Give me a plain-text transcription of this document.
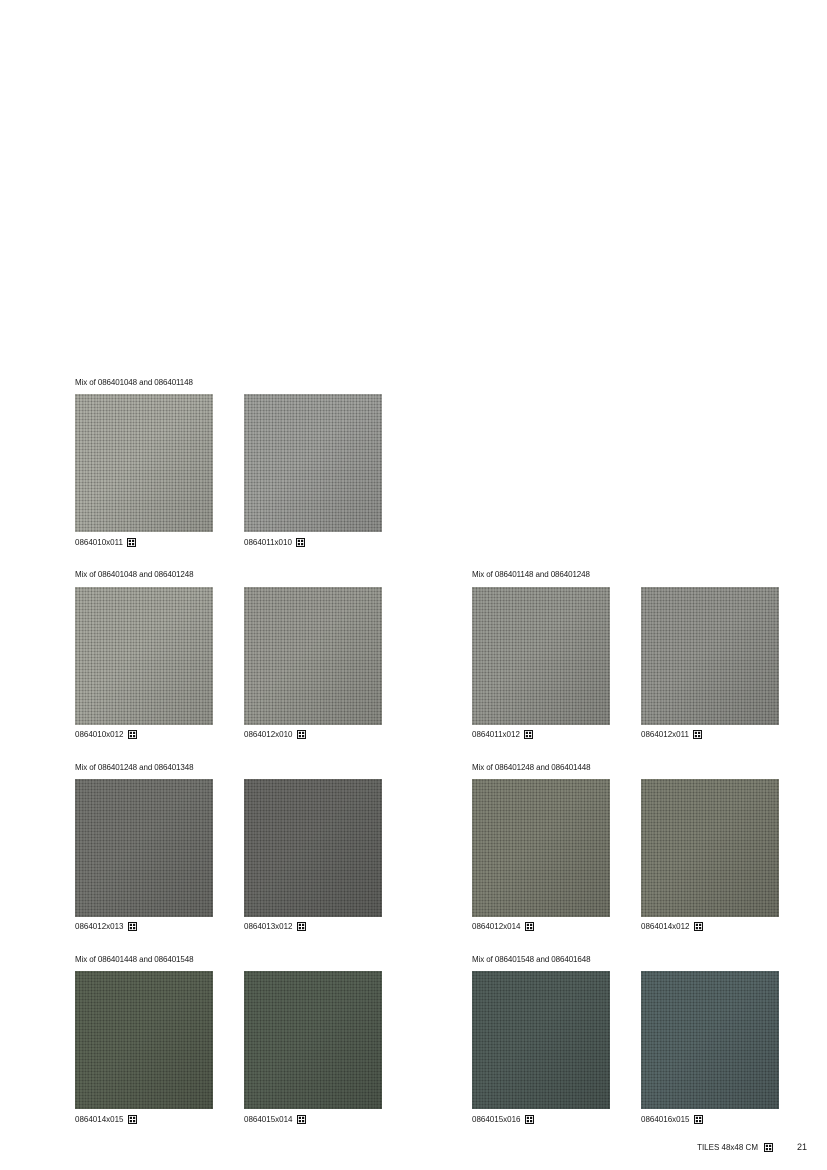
Mix of 086401048 and 086401148
0864010x011	0864011x010
Mix of 086401048 and 086401248
0864010x012	0864012x010
Mix of 086401148 and 086401248
0864011x012	0864012x011
Mix of 086401248 and 086401348
0864012x013	0864013x012
Mix of 086401248 and 086401448
0864012x014	0864014x012
Mix of 086401448 and 086401548
0864014x015	0864015x014
Mix of 086401548 and 086401648
0864015x016	0864016x015
TILES 48x48 CM	21
